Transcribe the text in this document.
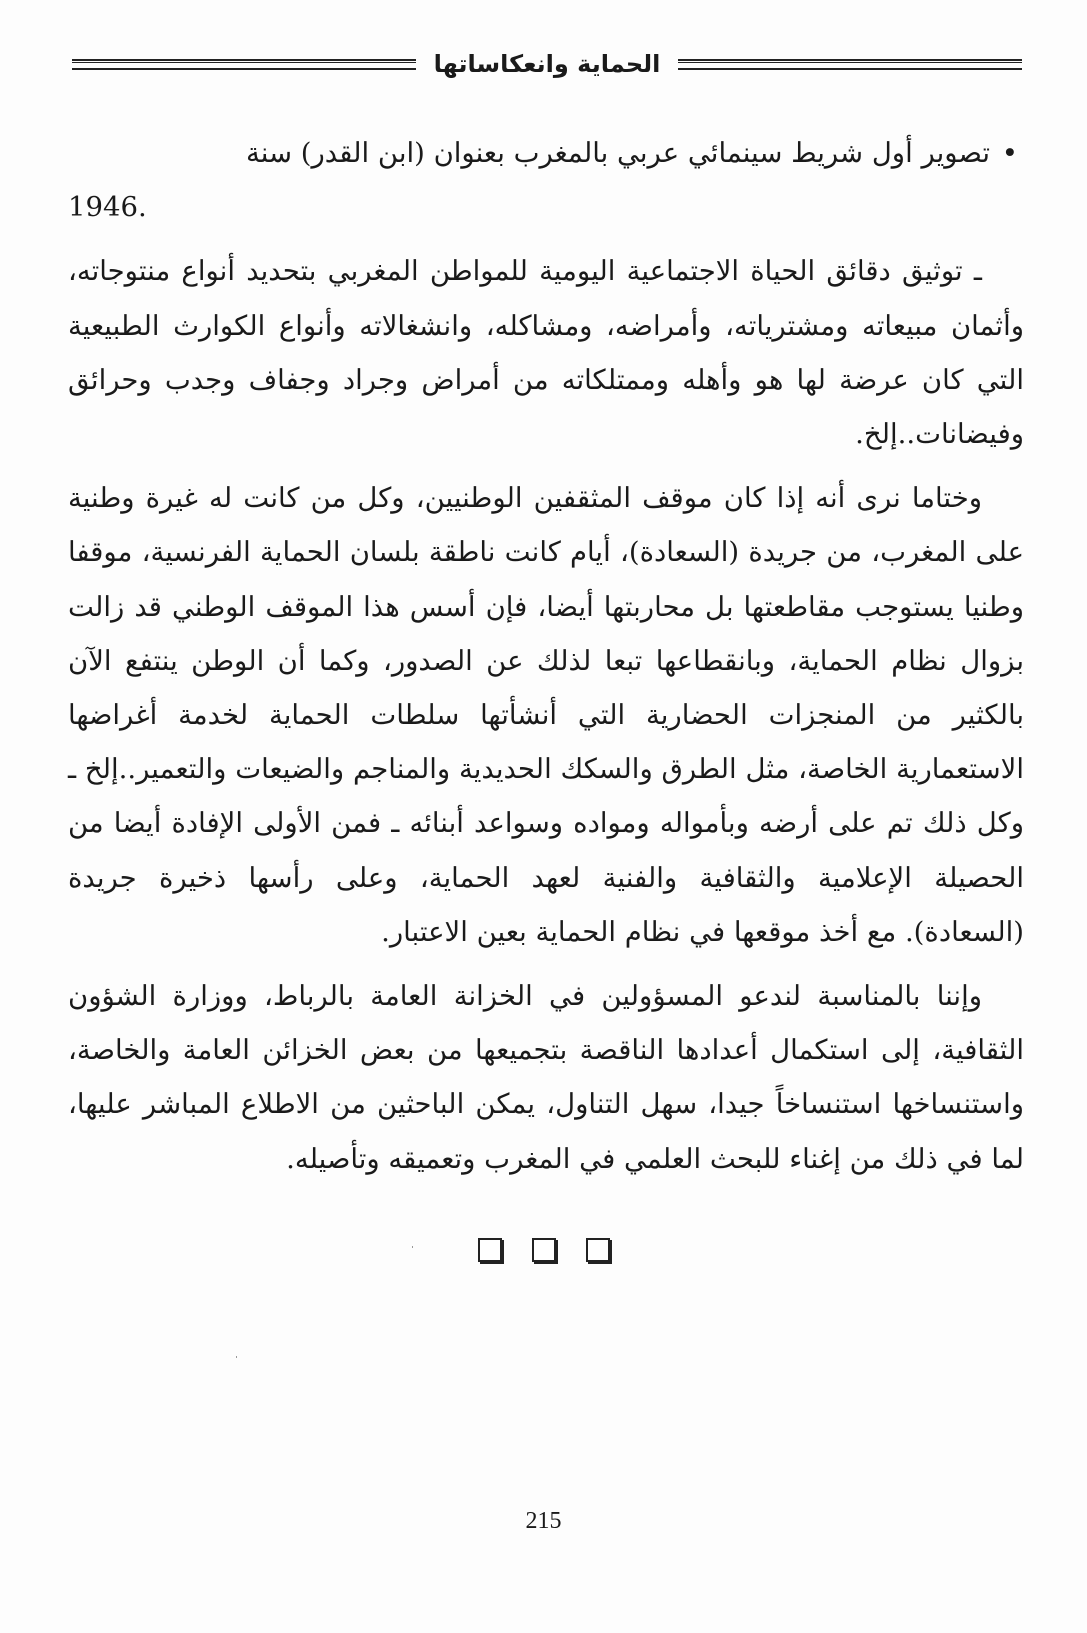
الحماية وانعكاساتها

•
تصوير أول شريط سينمائي عربي بالمغرب بعنوان (ابن القدر) سنة
1946.

ـ توثيق دقائق الحياة الاجتماعية اليومية للمواطن المغربي بتحديد أنواع منتوجاته، وأثمان مبيعاته ومشترياته، وأمراضه، ومشاكله، وانشغالاته وأنواع الكوارث الطبيعية التي كان عرضة لها هو وأهله وممتلكاته من أمراض وجراد وجفاف وجدب وحرائق وفيضانات..إلخ.

وختاما نرى أنه إذا كان موقف المثقفين الوطنيين، وكل من كانت له غيرة وطنية على المغرب، من جريدة (السعادة)، أيام كانت ناطقة بلسان الحماية الفرنسية، موقفا وطنيا يستوجب مقاطعتها بل محاربتها أيضا، فإن أسس هذا الموقف الوطني قد زالت بزوال نظام الحماية، وبانقطاعها تبعا لذلك عن الصدور، وكما أن الوطن ينتفع الآن بالكثير من المنجزات الحضارية التي أنشأتها سلطات الحماية لخدمة أغراضها الاستعمارية الخاصة، مثل الطرق والسكك الحديدية والمناجم والضيعات والتعمير..إلخ ـ وكل ذلك تم على أرضه وبأمواله ومواده وسواعد أبنائه ـ فمن الأولى الإفادة أيضا من الحصيلة الإعلامية والثقافية والفنية لعهد الحماية، وعلى رأسها ذخيرة جريدة (السعادة). مع أخذ موقعها في نظام الحماية بعين الاعتبار.

وإننا بالمناسبة لندعو المسؤولين في الخزانة العامة بالرباط، ووزارة الشؤون الثقافية، إلى استكمال أعدادها الناقصة بتجميعها من بعض الخزائن العامة والخاصة، واستنساخها استنساخاً جيدا، سهل التناول، يمكن الباحثين من الاطلاع المباشر عليها، لما في ذلك من إغناء للبحث العلمي في المغرب وتعميقه وتأصيله.

215
